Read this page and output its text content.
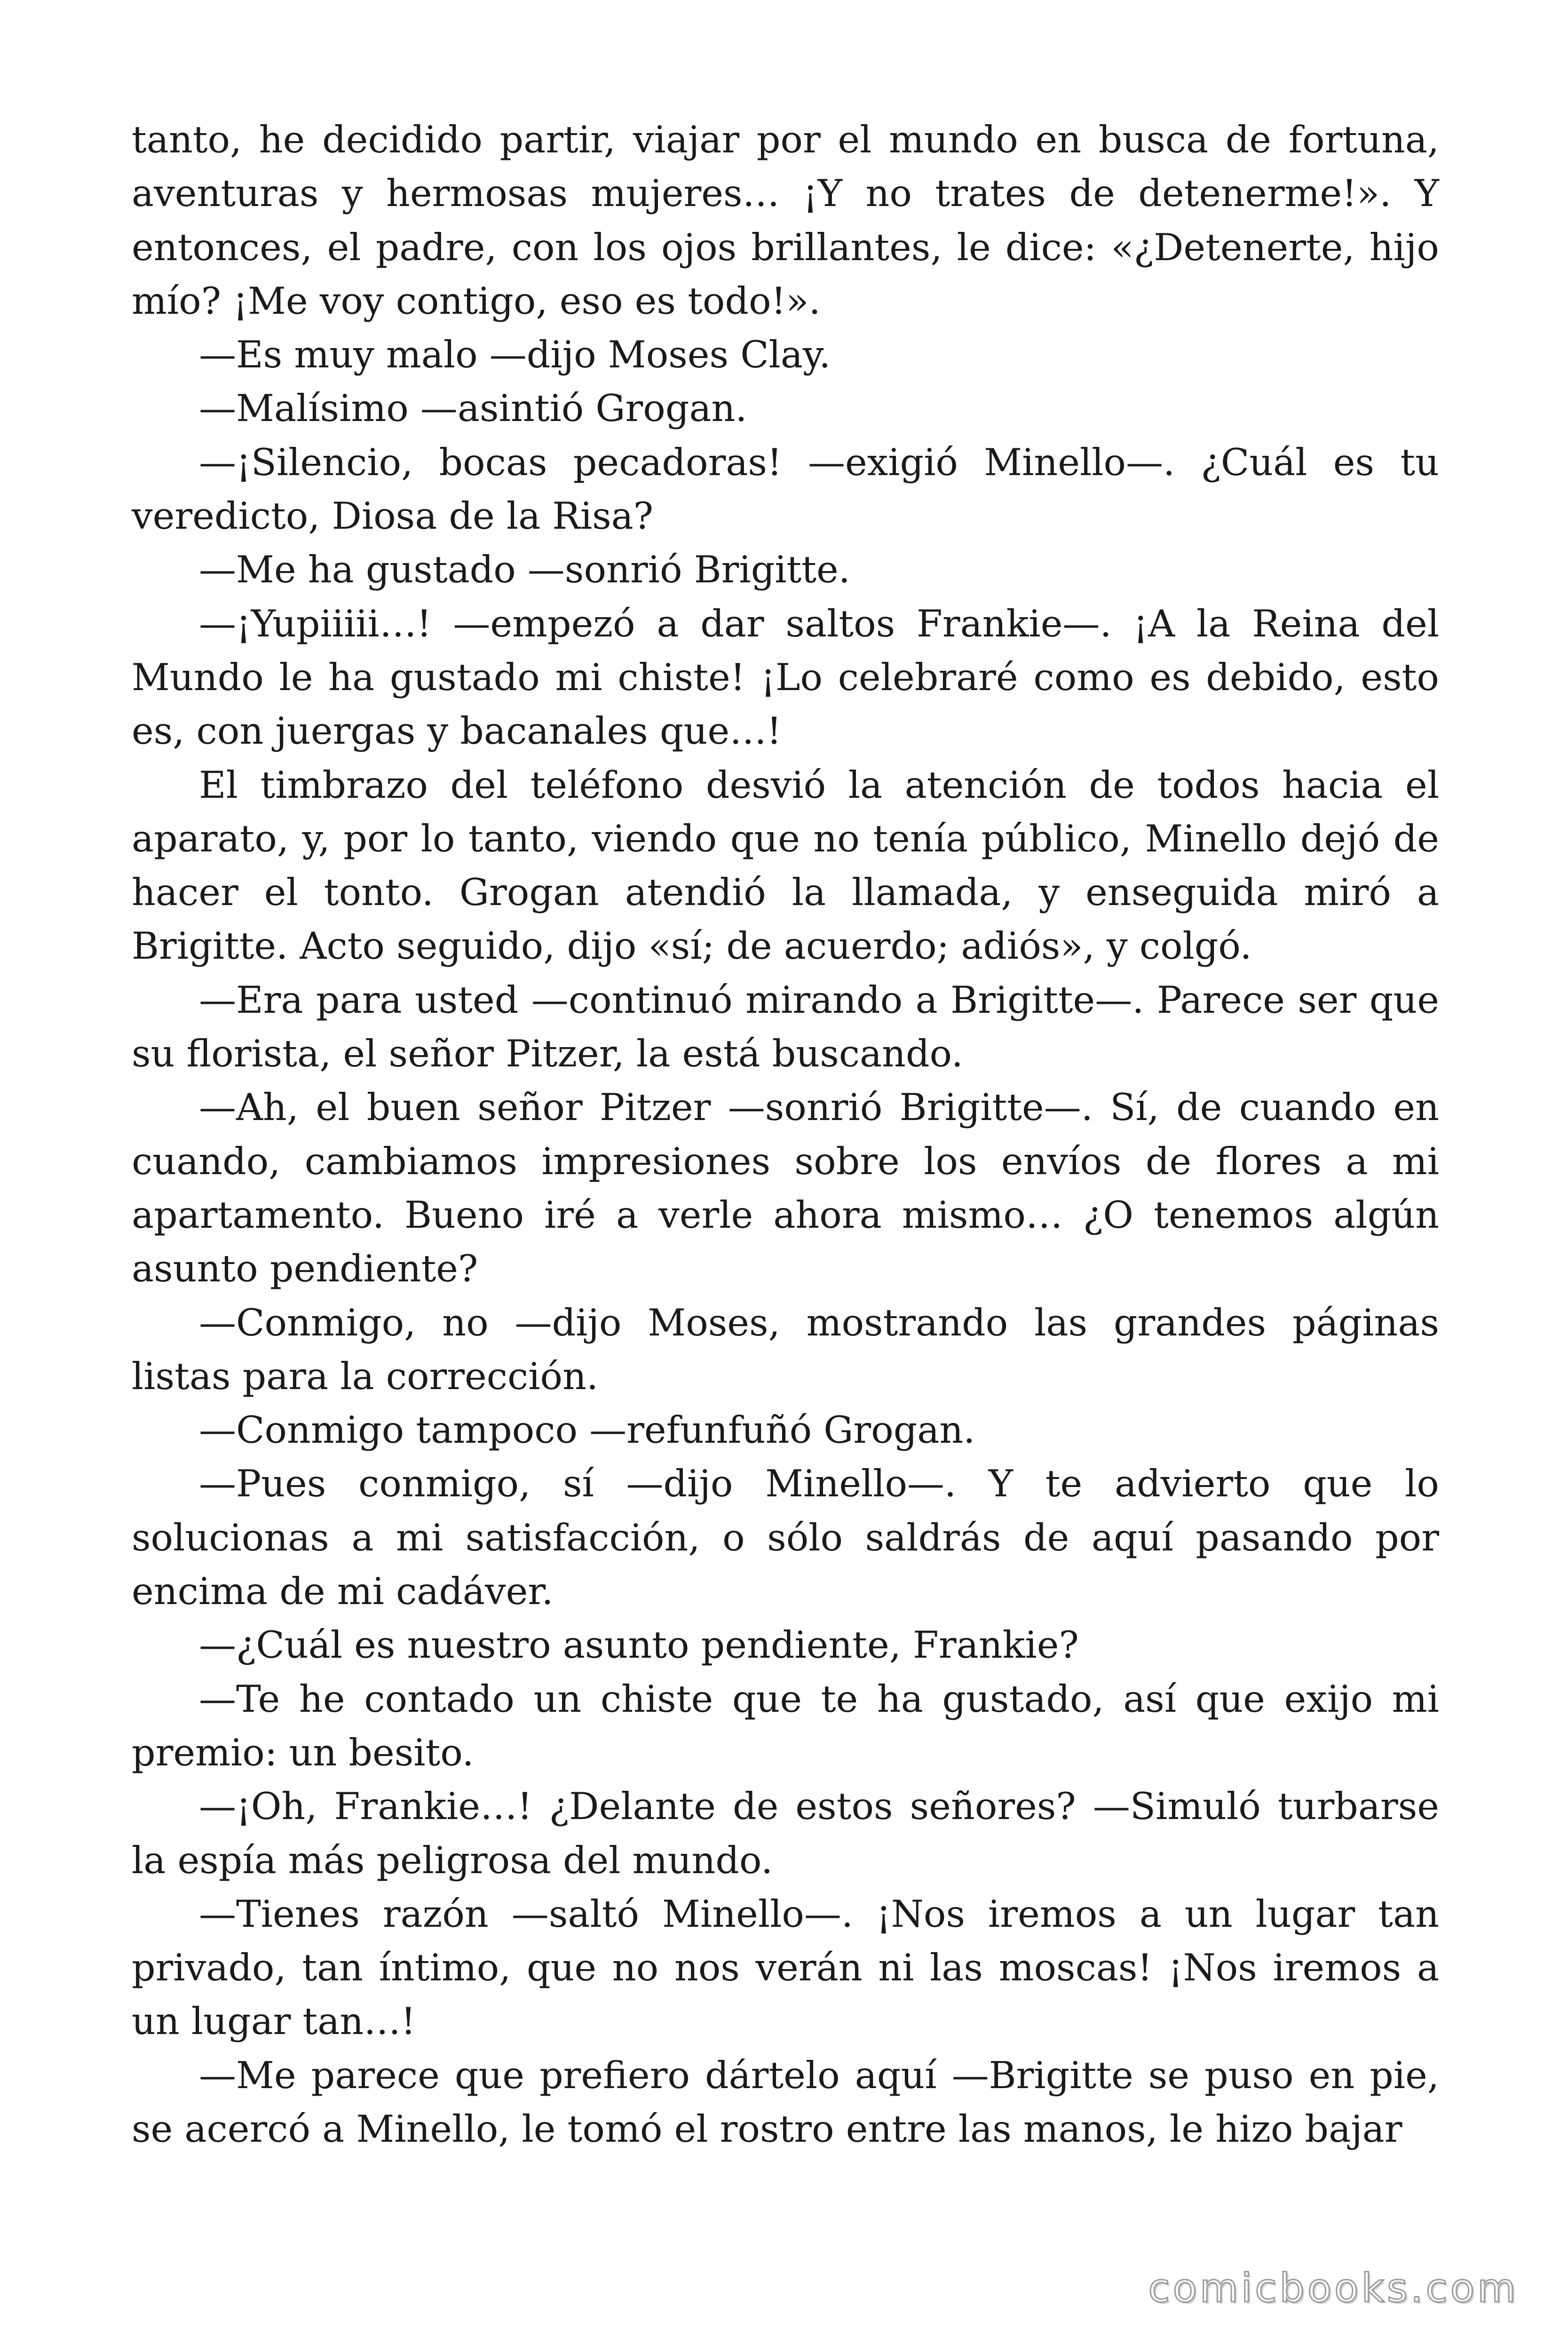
tanto, he decidido partir, viajar por el mundo en busca de fortuna, aventuras y hermosas mujeres… ¡Y no trates de detenerme!». Y entonces, el padre, con los ojos brillantes, le dice: «¿Detenerte, hijo mío? ¡Me voy contigo, eso es todo!».

—Es muy malo —dijo Moses Clay.

—Malísimo —asintió Grogan.

—¡Silencio, bocas pecadoras! —exigió Minello—. ¿Cuál es tu veredicto, Diosa de la Risa?

—Me ha gustado —sonrió Brigitte.

—¡Yupiiiii…! —empezó a dar saltos Frankie—. ¡A la Reina del Mundo le ha gustado mi chiste! ¡Lo celebraré como es debido, esto es, con juergas y bacanales que…!

El timbrazo del teléfono desvió la atención de todos hacia el aparato, y, por lo tanto, viendo que no tenía público, Minello dejó de hacer el tonto. Grogan atendió la llamada, y enseguida miró a Brigitte. Acto seguido, dijo «sí; de acuerdo; adiós», y colgó.

—Era para usted —continuó mirando a Brigitte—. Parece ser que su florista, el señor Pitzer, la está buscando.

—Ah, el buen señor Pitzer —sonrió Brigitte—. Sí, de cuando en cuando, cambiamos impresiones sobre los envíos de flores a mi apartamento. Bueno iré a verle ahora mismo… ¿O tenemos algún asunto pendiente?

—Conmigo, no —dijo Moses, mostrando las grandes páginas listas para la corrección.

—Conmigo tampoco —refunfuñó Grogan.

—Pues conmigo, sí —dijo Minello—. Y te advierto que lo solucionas a mi satisfacción, o sólo saldrás de aquí pasando por encima de mi cadáver.

—¿Cuál es nuestro asunto pendiente, Frankie?

—Te he contado un chiste que te ha gustado, así que exijo mi premio: un besito.

—¡Oh, Frankie…! ¿Delante de estos señores? —Simuló turbarse la espía más peligrosa del mundo.

—Tienes razón —saltó Minello—. ¡Nos iremos a un lugar tan privado, tan íntimo, que no nos verán ni las moscas! ¡Nos iremos a un lugar tan…!

—Me parece que prefiero dártelo aquí —Brigitte se puso en pie, se acercó a Minello, le tomó el rostro entre las manos, le hizo bajar

comicbooks.com
